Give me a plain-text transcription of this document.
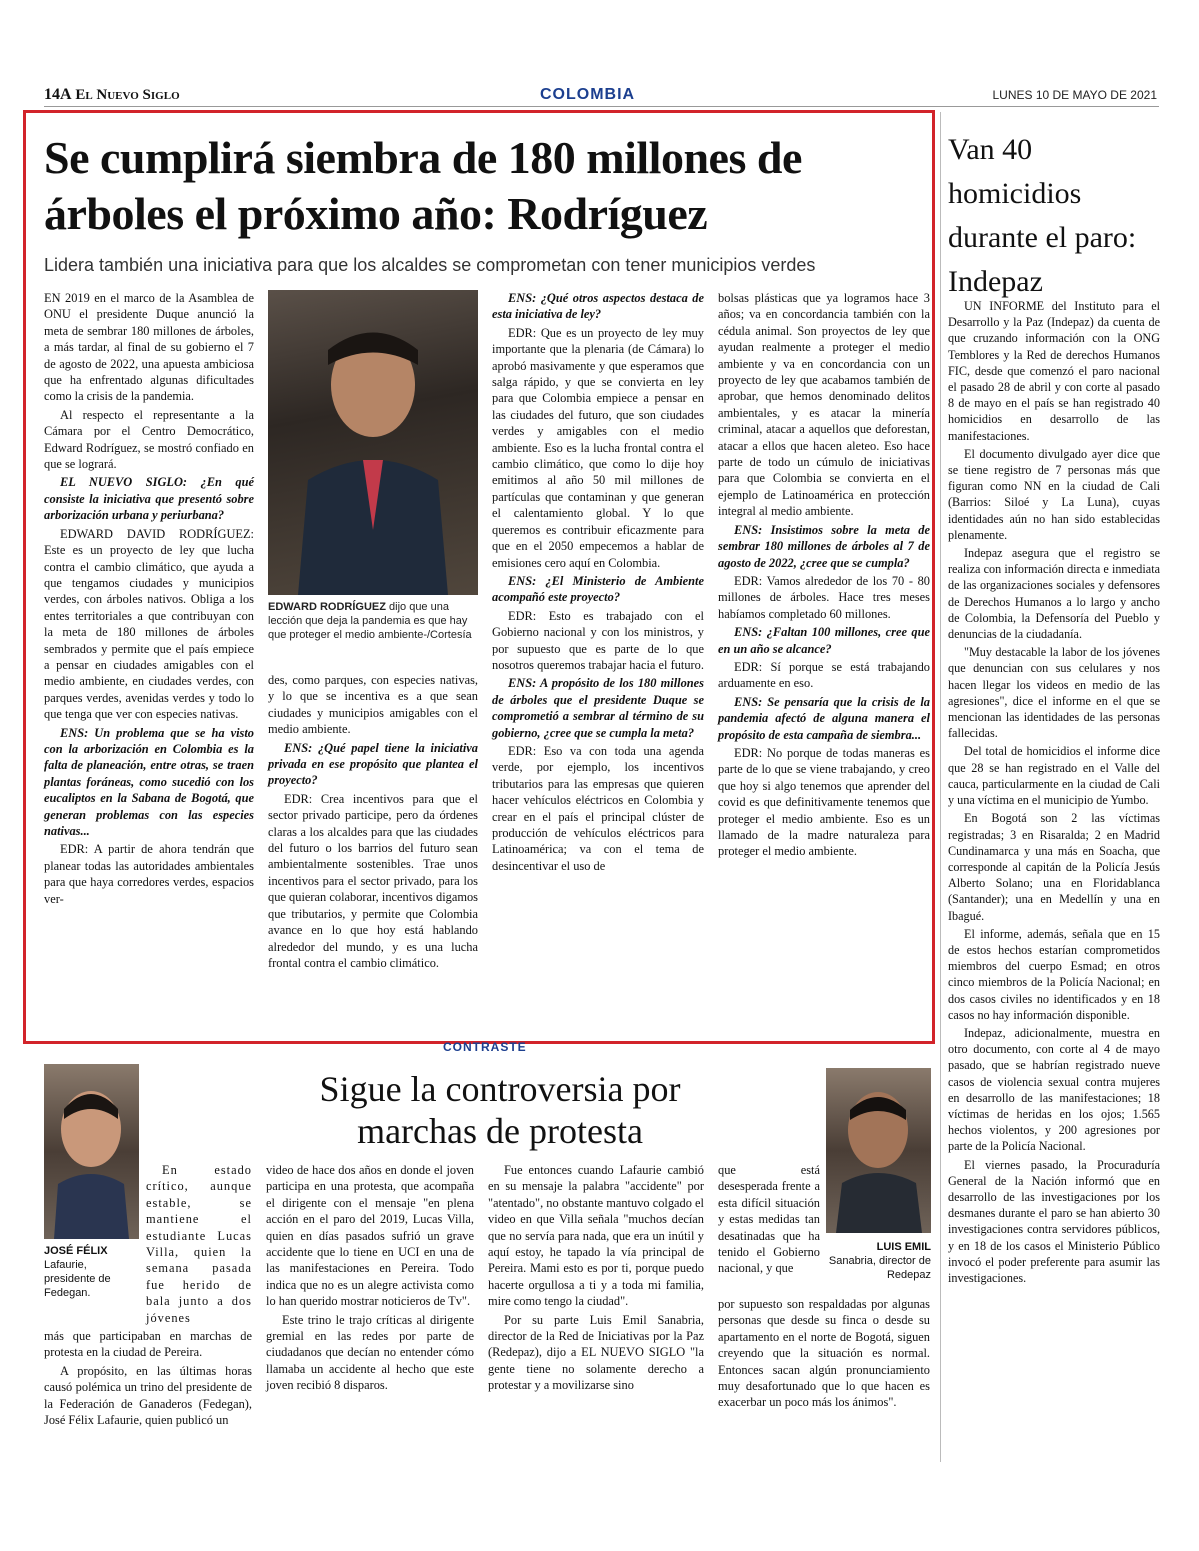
14A El Nuevo Siglo	COLOMBIA	LUNES 10 DE MAYO DE 2021
Se cumplirá siembra de 180 millones de árboles el próximo año: Rodríguez
Lidera también una iniciativa para que los alcaldes se comprometan con tener municipios verdes

EN 2019 en el marco de la Asamblea de ONU el presidente Duque anunció la meta de sembrar 180 millones de árboles, a más tardar, al final de su gobierno el 7 de agosto de 2022, una apuesta ambiciosa que ha enfrentado algunas dificultades como la crisis de la pandemia.

Al respecto el representante a la Cámara por el Centro Democrático, Edward Rodríguez, se mostró confiado en que se logrará.

EL NUEVO SIGLO: ¿En qué consiste la iniciativa que presentó sobre arborización urbana y periurbana?

EDWARD DAVID RODRÍGUEZ: Este es un proyecto de ley que lucha contra el cambio climático, que ayuda a que tengamos ciudades y municipios verdes, con árboles nativos. Obliga a los entes territoriales a que contribuyan con la meta de 180 millones de árboles sembrados y permite que el país empiece a pensar en ciudades amigables con el medio ambiente, en ciudades verdes, con parques verdes, avenidas verdes y todo lo que tenga que ver con especies nativas.

ENS: Un problema que se ha visto con la arborización en Colombia es la falta de planeación, entre otras, se traen plantas foráneas, como sucedió con los eucaliptos en la Sabana de Bogotá, que generan problemas con las especies nativas...

EDR: A partir de ahora tendrán que planear todas las autoridades ambientales para que haya corredores verdes, espacios ver-

EDWARD RODRÍGUEZ dijo que una lección que deja la pandemia es que hay que proteger el medio ambiente-/Cortesía

des, como parques, con especies nativas, y lo que se incentiva es a que sean ciudades y municipios amigables con el medio ambiente.

ENS: ¿Qué papel tiene la iniciativa privada en ese propósito que plantea el proyecto?

EDR: Crea incentivos para que el sector privado participe, pero da órdenes claras a los alcaldes para que las ciudades del futuro o los barrios del futuro sean ambientalmente sostenibles. Trae unos incentivos para el sector privado, para los que quieran colaborar, incentivos digamos que tributarios, y permite que Colombia avance en lo que hoy está hablando alrededor del mundo, y es una lucha frontal contra el cambio climático.

ENS: ¿Qué otros aspectos destaca de esta iniciativa de ley?

EDR: Que es un proyecto de ley muy importante que la plenaria (de Cámara) lo aprobó masivamente y que esperamos que salga rápido, y que se convierta en ley para que Colombia empiece a pensar en las ciudades del futuro, que son ciudades verdes y amigables con el medio ambiente. Eso es la lucha frontal contra el cambio climático, que como lo dije hoy emitimos al año 50 mil millones de partículas que contaminan y que generan el calentamiento global. Y lo que queremos es contribuir eficazmente para que en el 2050 empecemos a hablar de emisiones cero aquí en Colombia.

ENS: ¿El Ministerio de Ambiente acompañó este proyecto?

EDR: Esto es trabajado con el Gobierno nacional y con los ministros, y por supuesto que es parte de lo que nosotros queremos trabajar hacia el futuro.

ENS: A propósito de los 180 millones de árboles que el presidente Duque se comprometió a sembrar al término de su gobierno, ¿cree que se cumpla la meta?

EDR: Eso va con toda una agenda verde, por ejemplo, los incentivos tributarios para las empresas que quieren hacer vehículos eléctricos en Colombia y crear en el país el principal clúster de producción de vehículos eléctricos para Latinoamérica; va con el tema de desincentivar el uso de

bolsas plásticas que ya logramos hace 3 años; va en concordancia también con la cédula animal. Son proyectos de ley que ayudan realmente a proteger el medio ambiente y va en concordancia con un proyecto de ley que acabamos también de aprobar, que hemos denominado delitos ambientales, y es atacar la minería criminal, atacar a aquellos que deforestan, atacar a ellos que hacen aleteo. Eso hace parte de todo un cúmulo de iniciativas para que Colombia se convierta en el ejemplo de Latinoamérica en protección integral al medio ambiente.

ENS: Insistimos sobre la meta de sembrar 180 millones de árboles al 7 de agosto de 2022, ¿cree que se cumpla?

EDR: Vamos alrededor de los 70 - 80 millones de árboles. Hace tres meses habíamos completado 60 millones.

ENS: ¿Faltan 100 millones, cree que en un año se alcance?

EDR: Sí porque se está trabajando arduamente en eso.

ENS: Se pensaría que la crisis de la pandemia afectó de alguna manera el propósito de esta campaña de siembra...

EDR: No porque de todas maneras es parte de lo que se viene trabajando, y creo que hoy si algo tenemos que aprender del covid es que definitivamente tenemos que proteger el medio ambiente. Eso es un llamado de la madre naturaleza para proteger el medio ambiente.

Van 40 homicidios durante el paro: Indepaz

UN INFORME del Instituto para el Desarrollo y la Paz (Indepaz) da cuenta de que cruzando información con la ONG Temblores y la Red de derechos Humanos FIC, desde que comenzó el paro nacional el pasado 28 de abril y con corte al pasado 8 de mayo en el país se han registrado 40 homicidios en desarrollo de las manifestaciones.

El documento divulgado ayer dice que se tiene registro de 7 personas más que figuran como NN en la ciudad de Cali (Barrios: Siloé y La Luna), cuyas identidades aún no han sido establecidas plenamente.

Indepaz asegura que el registro se realiza con información directa e inmediata de las organizaciones sociales y defensores de Derechos Humanos a lo largo y ancho de Colombia, la Defensoría del Pueblo y denuncias de la ciudadanía.

"Muy destacable la labor de los jóvenes que denuncian con sus celulares y nos hacen llegar los videos en medio de las agresiones", dice el informe en el que se mencionan las identidades de las personas fallecidas.

Del total de homicidios el informe dice que 28 se han registrado en el Valle del cauca, particularmente en la ciudad de Cali y una víctima en el municipio de Yumbo.

En Bogotá son 2 las víctimas registradas; 3 en Risaralda; 2 en Madrid Cundinamarca y una más en Soacha, que corresponde al capitán de la Policía Jesús Alberto Solano; una en Floridablanca (Santander); una en Medellín y una en Ibagué.

El informe, además, señala que en 15 de estos hechos estarían comprometidos miembros del cuerpo Esmad; en otros cinco miembros de la Policía Nacional; en dos casos civiles no identificados y en 18 casos no hay información disponible.

Indepaz, adicionalmente, muestra en otro documento, con corte al 4 de mayo pasado, que se habrían registrado nueve casos de violencia sexual contra mujeres en desarrollo de las manifestaciones; 18 víctimas de heridas en los ojos; 1.565 hechos violentos, y 200 agresiones por parte de la Policía Nacional.

El viernes pasado, la Procuraduría General de la Nación informó que en desarrollo de las investigaciones por los desmanes durante el paro se han abierto 30 investigaciones contra servidores públicos, y en 18 de los casos el Ministerio Público invocó el poder preferente para asumir las investigaciones.

CONTRASTE
Sigue la controversia por marchas de protesta
JOSÉ FÉLIX
Lafaurie, presidente de Fedegan.

En estado crítico, aunque estable, se mantiene el estudiante Lucas Villa, quien la semana pasada fue herido de bala junto a dos jóvenes

más que participaban en marchas de protesta en la ciudad de Pereira.

A propósito, en las últimas horas causó polémica un trino del presidente de la Federación de Ganaderos (Fedegan), José Félix Lafaurie, quien publicó un

video de hace dos años en donde el joven participa en una protesta, que acompaña el dirigente con el mensaje "en plena acción en el paro del 2019, Lucas Villa, quien en días pasados sufrió un grave accidente que lo tiene en UCI en una de las manifestaciones en Pereira. Todo indica que no es un alegre activista como lo han querido mostrar noticieros de Tv".

Este trino le trajo críticas al dirigente gremial en las redes por parte de ciudadanos que decían no entender cómo llamaba un accidente al hecho que este joven recibió 8 disparos.

Fue entonces cuando Lafaurie cambió en su mensaje la palabra "accidente" por "atentado", no obstante mantuvo colgado el video en que Villa señala "muchos decían que no servía para nada, que era un inútil y aquí estoy, he tapado la vía principal de Pereira. Mami esto es por ti, porque puedo hacerte orgullosa a ti y a toda mi familia, mire como tengo la ciudad".

Por su parte Luis Emil Sanabria, director de la Red de Iniciativas por la Paz (Redepaz), dijo a EL NUEVO SIGLO "la gente tiene no solamente derecho a protestar y a movilizarse sino

que está desesperada frente a esta difícil situación y estas medidas tan desatinadas que ha tenido el Gobierno nacional, y que

LUIS EMIL
Sanabria, director de Redepaz

por supuesto son respaldadas por algunas personas que desde su finca o desde su apartamento en el norte de Bogotá, siguen creyendo que la situación es normal. Entonces sacan algún pronunciamiento muy desafortunado que lo que hacen es exacerbar un poco más los ánimos".
